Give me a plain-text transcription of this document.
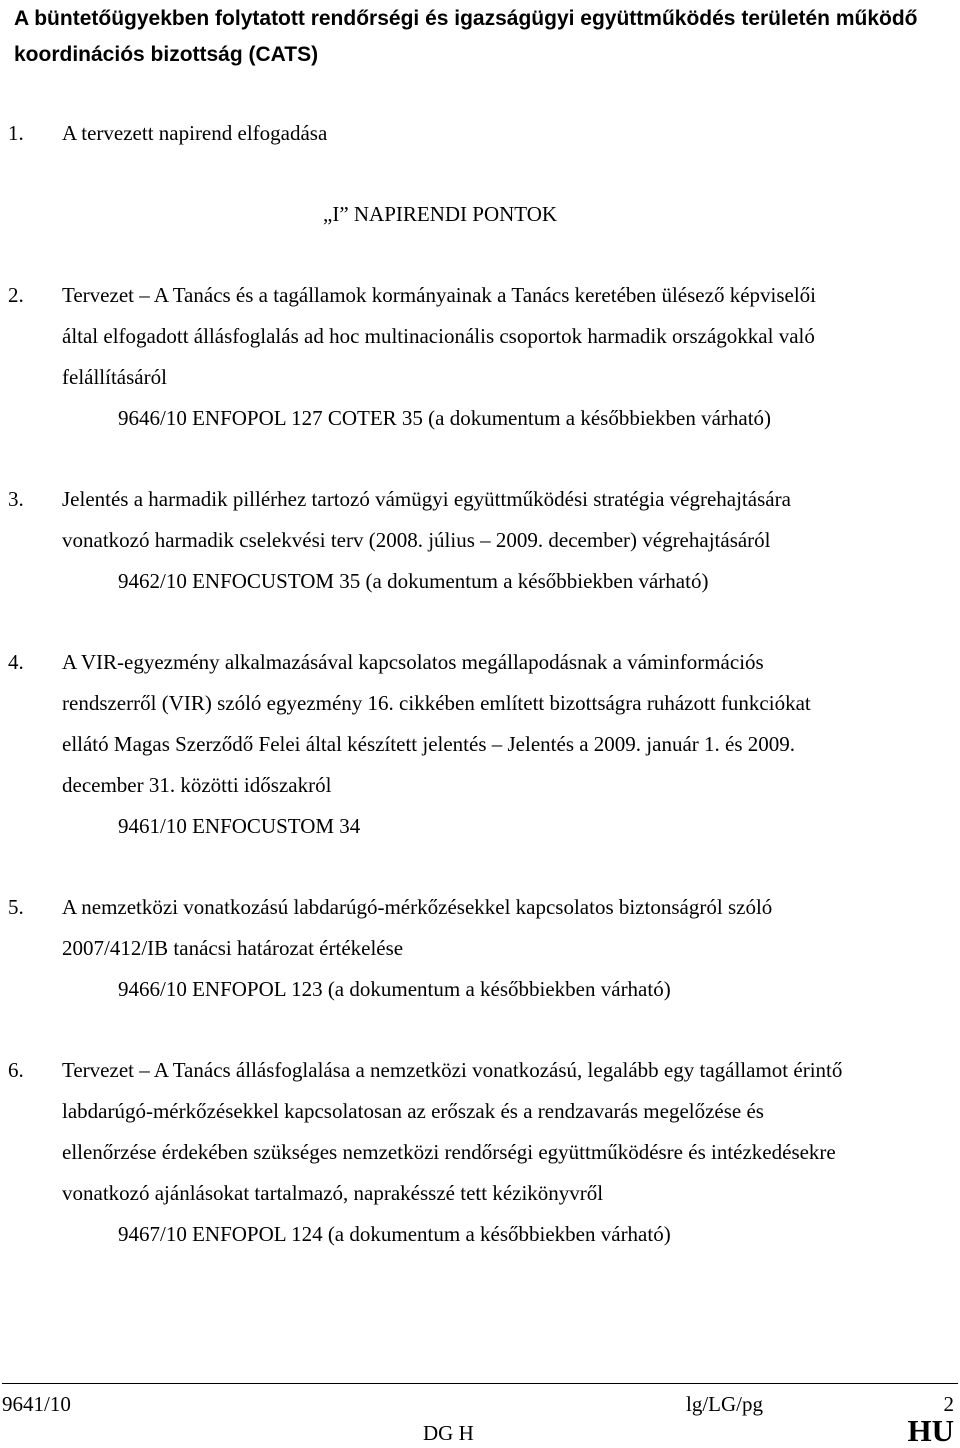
A büntetőügyekben folytatott rendőrségi és igazságügyi együttműködés területén működő
koordinációs bizottság (CATS)
1. A tervezett napirend elfogadása
„I” NAPIRENDI PONTOK
2. Tervezet – A Tanács és a tagállamok kormányainak a Tanács keretében ülésező képviselői
által elfogadott állásfoglalás ad hoc multinacionális csoportok harmadik országokkal való
felállításáról
9646/10 ENFOPOL 127 COTER 35 (a dokumentum a későbbiekben várható)
3. Jelentés a harmadik pillérhez tartozó vámügyi együttműködési stratégia végrehajtására
vonatkozó harmadik cselekvési terv (2008. július – 2009. december) végrehajtásáról
9462/10 ENFOCUSTOM 35 (a dokumentum a későbbiekben várható)
4. A VIR-egyezmény alkalmazásával kapcsolatos megállapodásnak a váminformációs
rendszerről (VIR) szóló egyezmény 16. cikkében említett bizottságra ruházott funkciókat
ellátó Magas Szerződő Felei által készített jelentés – Jelentés a 2009. január 1. és 2009.
december 31. közötti időszakról
9461/10 ENFOCUSTOM 34
5. A nemzetközi vonatkozású labdarúgó-mérkőzésekkel kapcsolatos biztonságról szóló
2007/412/IB tanácsi határozat értékelése
9466/10 ENFOPOL 123 (a dokumentum a későbbiekben várható)
6. Tervezet – A Tanács állásfoglalása a nemzetközi vonatkozású, legalább egy tagállamot érintő
labdarúgó-mérkőzésekkel kapcsolatosan az erőszak és a rendzavarás megelőzése és
ellenőrzése érdekében szükséges nemzetközi rendőrségi együttműködésre és intézkedésekre
vonatkozó ajánlásokat tartalmazó, naprakésszé tett kézikönyvről
9467/10 ENFOPOL 124 (a dokumentum a későbbiekben várható)
9641/10	lg/LG/pg	2
DG H	HU
